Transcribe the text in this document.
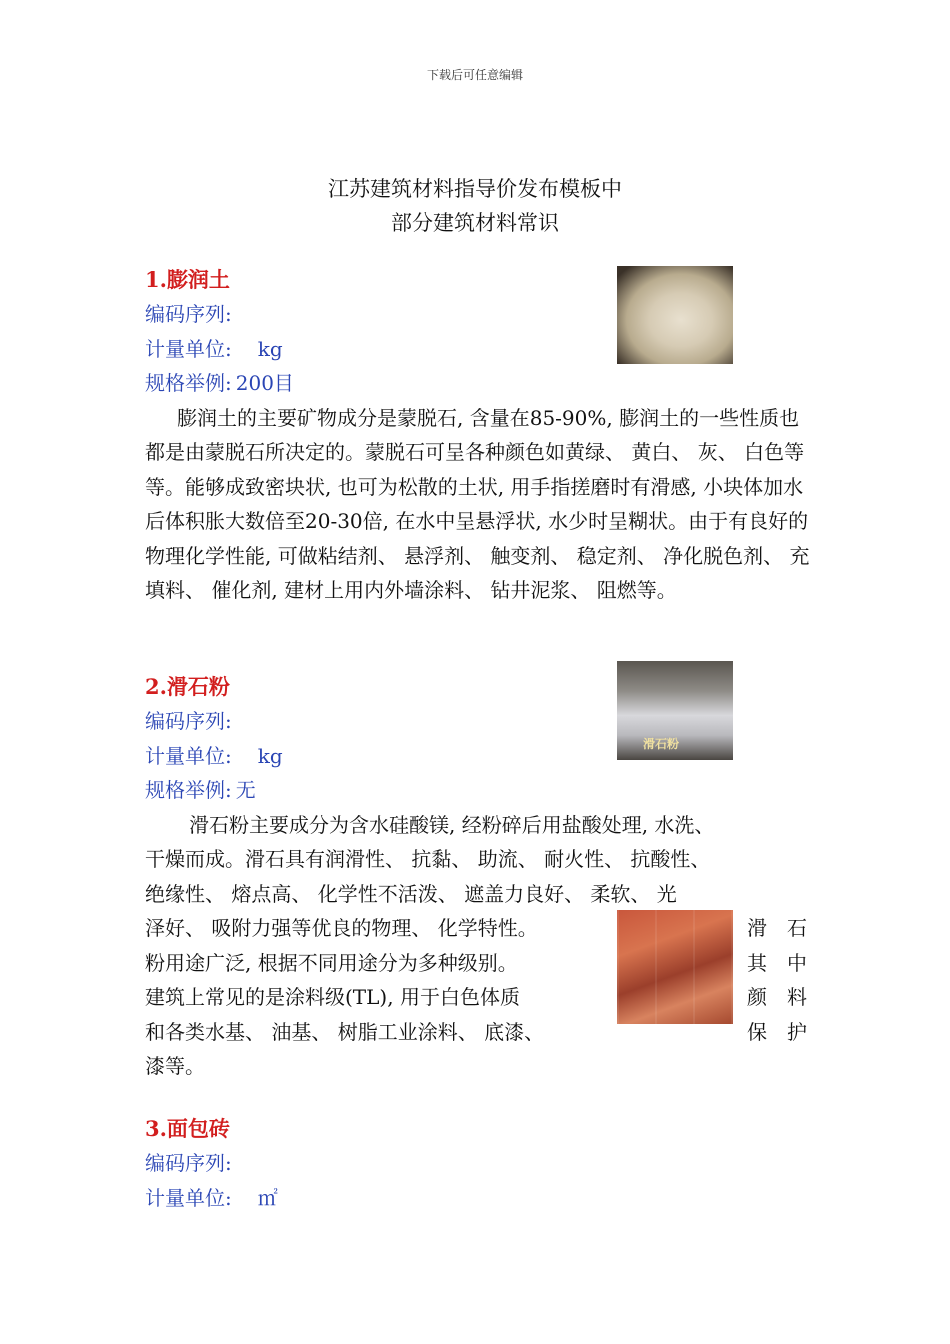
下载后可任意编辑
江苏建筑材料指导价发布模板中
部分建筑材料常识
1.膨润土
编码序列:
计量单位: kg
规格举例: 200目

膨润土的主要矿物成分是蒙脱石, 含量在85-90%, 膨润土的一些性质也都是由蒙脱石所决定的。蒙脱石可呈各种颜色如黄绿、 黄白、 灰、 白色等等。能够成致密块状, 也可为松散的土状, 用手指搓磨时有滑感, 小块体加水后体积胀大数倍至20-30倍, 在水中呈悬浮状, 水少时呈糊状。由于有良好的物理化学性能, 可做粘结剂、 悬浮剂、 触变剂、 稳定剂、 净化脱色剂、 充填料、 催化剂, 建材上用内外墙涂料、 钻井泥浆、 阻燃等。

2.滑石粉
编码序列:
计量单位: kg
规格举例: 无
滑石粉主要成分为含水硅酸镁, 经粉碎后用盐酸处理, 水洗、
干燥而成。滑石具有润滑性、 抗黏、 助流、 耐火性、 抗酸性、
绝缘性、 熔点高、 化学性不活泼、 遮盖力良好、 柔软、 光
泽好、 吸附力强等优良的物理、 化学特性。
粉用途广泛, 根据不同用途分为多种级别。
建筑上常见的是涂料级(TL), 用于白色体质
和各类水基、 油基、 树脂工业涂料、 底漆、
漆等。
滑石粉
滑 石
其 中
颜 料
保 护
3.面包砖
编码序列:
计量单位: ㎡
